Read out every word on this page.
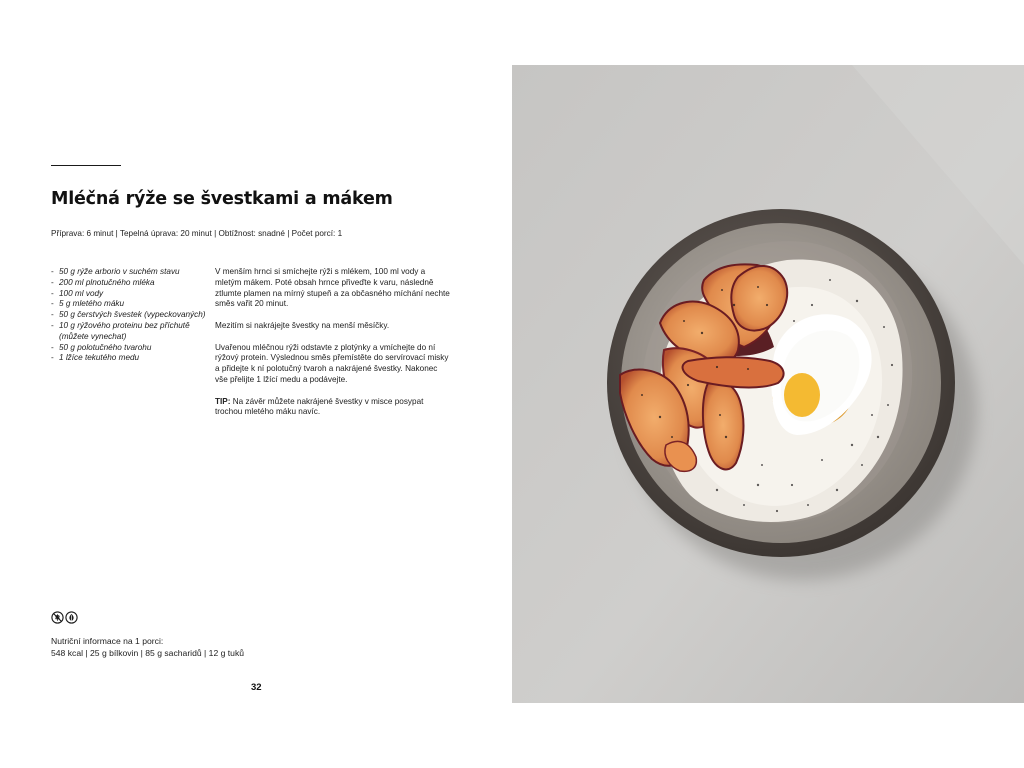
Mléčná rýže se švestkami a mákem
Příprava: 6 minut | Tepelná úprava: 20 minut | Obtížnost: snadné | Počet porcí: 1
- 50 g rýže arborio v suchém stavu
- 200 ml plnotučného mléka
- 100 ml vody
- 5 g mletého máku
- 50 g čerstvých švestek (vypeckovaných)
- 10 g rýžového proteinu bez příchutě (můžete vynechat)
- 50 g polotučného tvarohu
- 1 lžíce tekutého medu

V menším hrnci si smíchejte rýži s mlékem, 100 ml vody a mletým mákem. Poté obsah hrnce přiveďte k varu, následně ztlumte plamen na mírný stupeň a za občasného míchání nechte směs vařit 20 minut.

Mezitím si nakrájejte švestky na menší měsíčky.

Uvařenou mléčnou rýži odstavte z plotýnky a vmíchejte do ní rýžový protein. Výslednou směs přemístěte do servírovací misky a přidejte k ní polotučný tvaroh a nakrájené švestky. Nakonec vše přelijte 1 lžící medu a podávejte.

TIP: Na závěr můžete nakrájené švestky v misce posypat trochou mletého máku navíc.

Nutriční informace na 1 porci:
548 kcal | 25 g bílkovin | 85 g sacharidů | 12 g tuků
32
